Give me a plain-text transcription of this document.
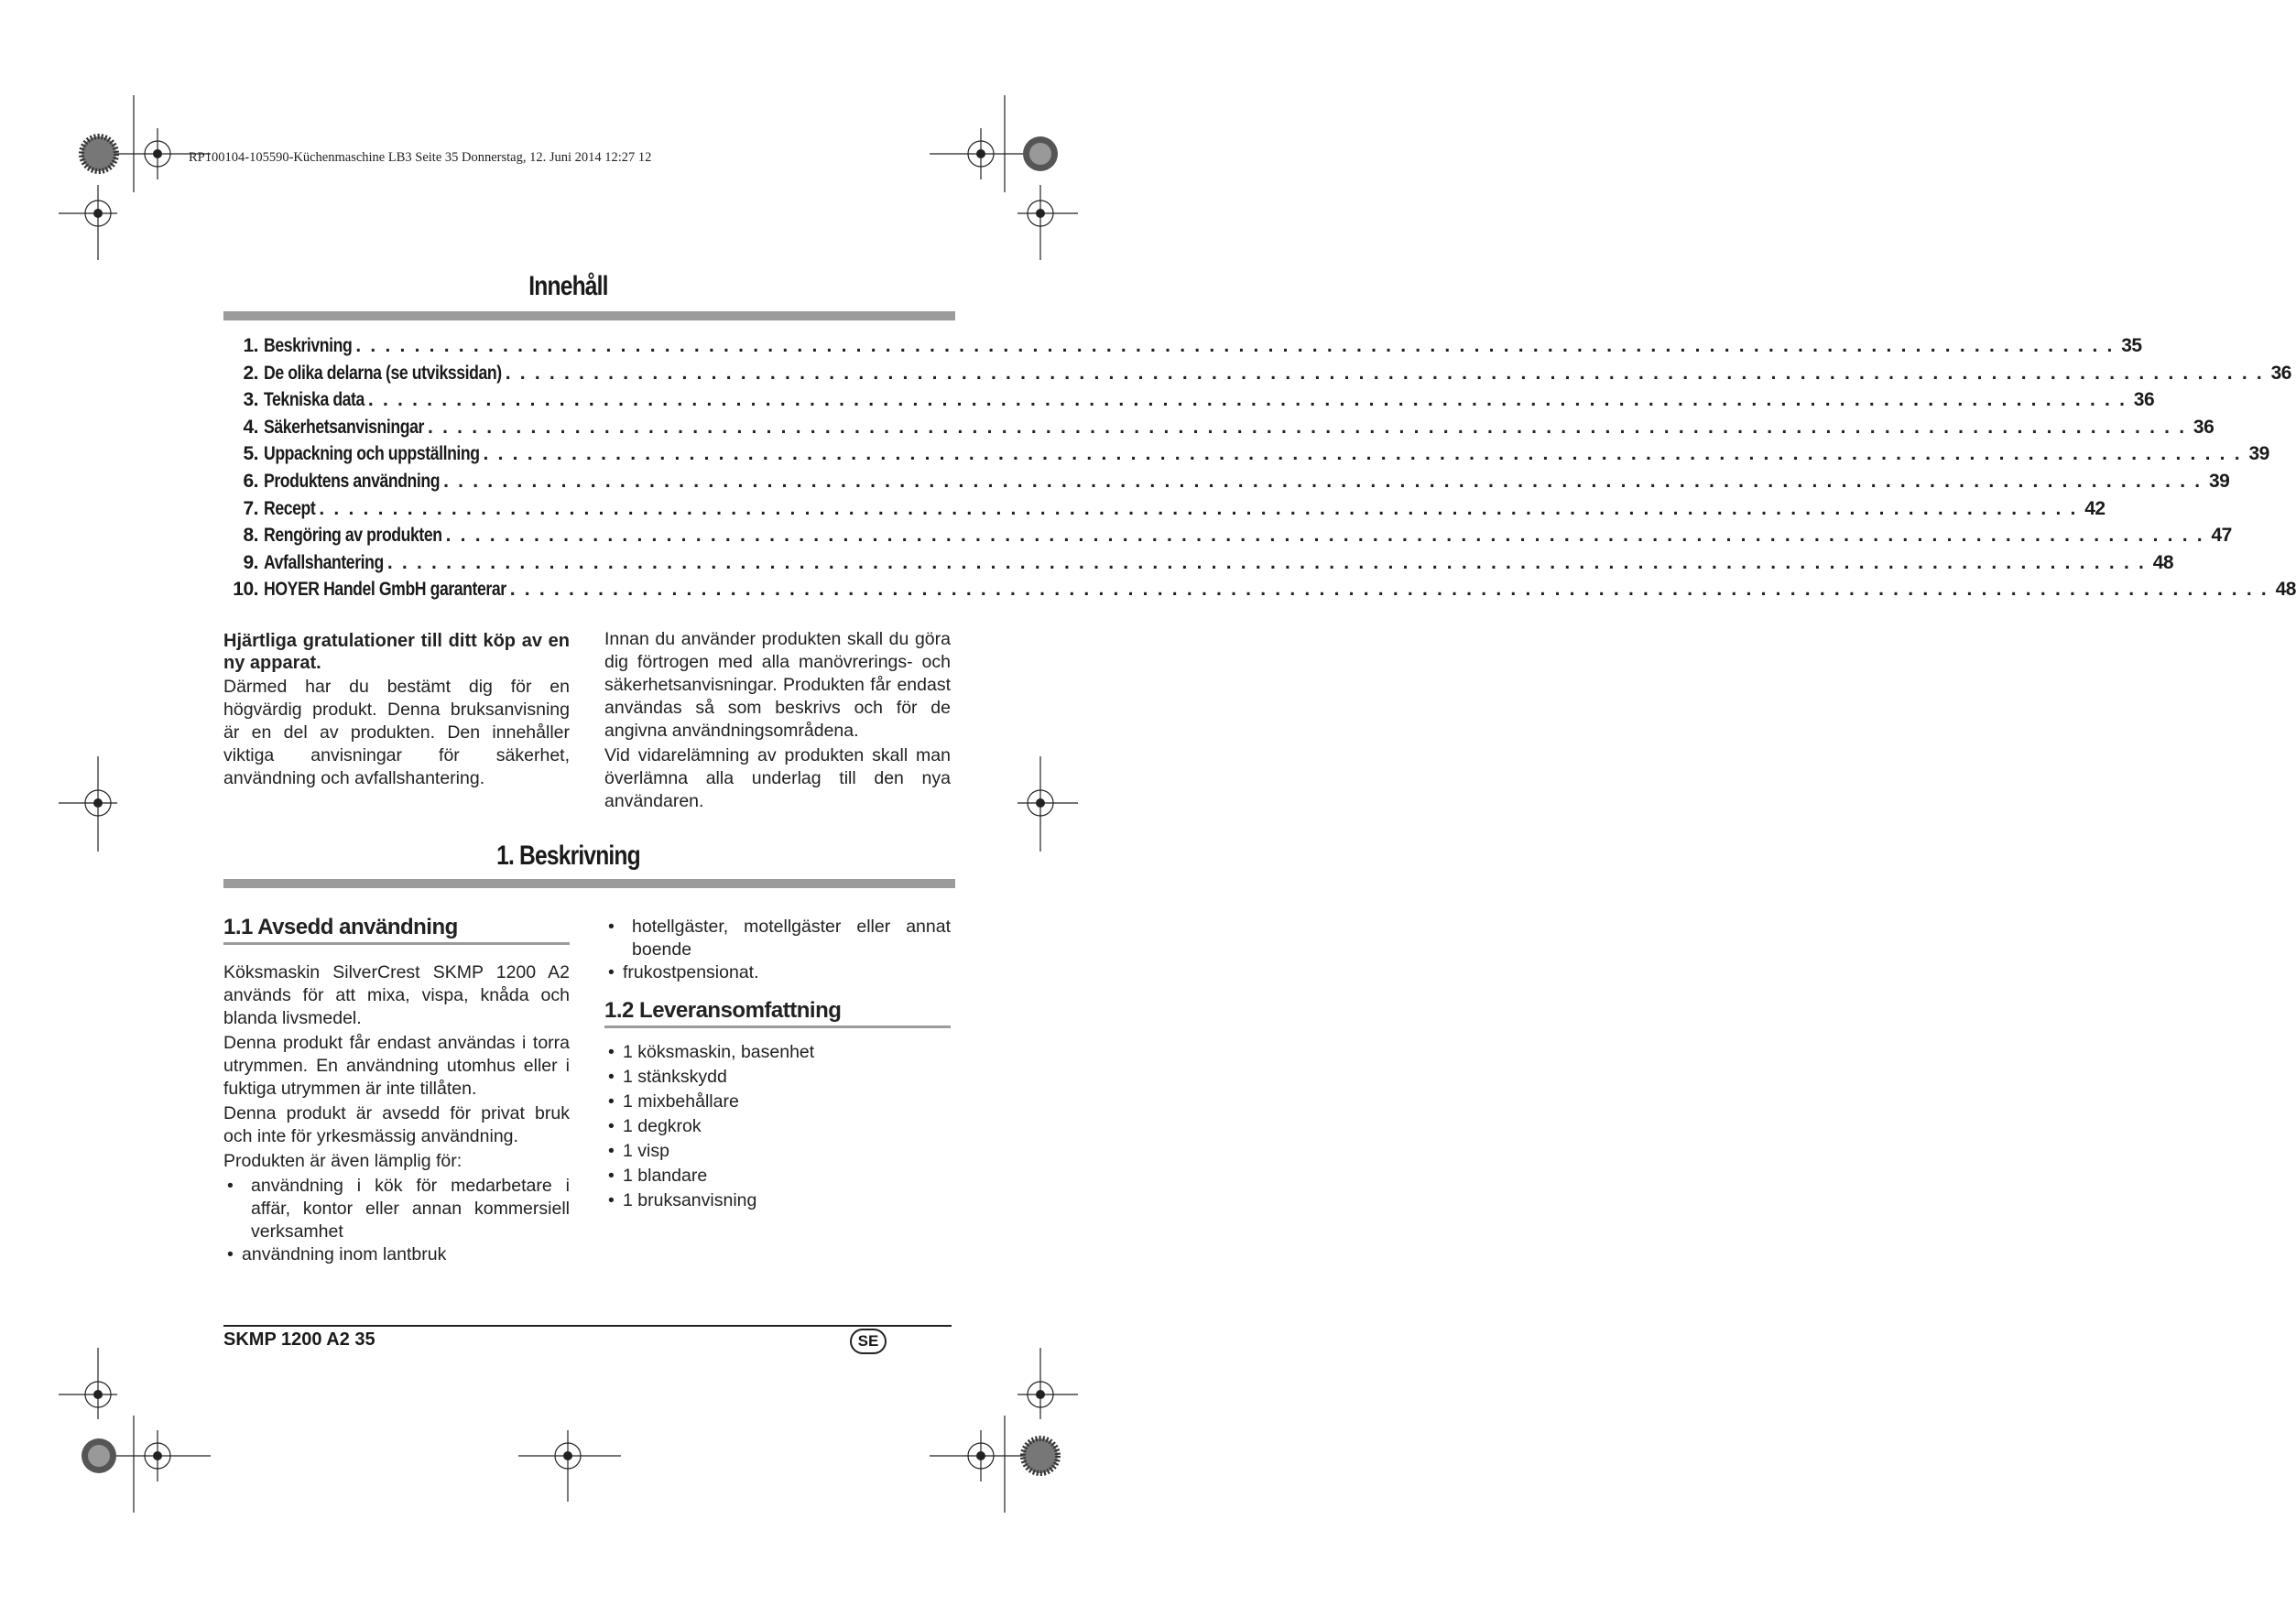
RP100104-105590-Küchenmaschine LB3 Seite 35 Donnerstag, 12. Juni 2014 12:27 12
Innehåll
1. Beskrivning . . . . . . . . . . . . . . . . . . . . . . . . . . . . . . . . . . . . . . . . . . . . . . . . . . . . . . . . . . . . . . . . . . . . . . . . . . . . . . . . . . . . . . . . . . . . . . . . . . . . . . . . . . . . . . . . . . . . . . . . 35
2. De olika delarna (se utvikssidan) . . . . . . . . . . . . . . . . . . . . . . . . . . . . . . . . . . . . . . . . . . . . . . . . . . . . . . . . . . . . . . . . . . . . . . . . . . . . . . . . . . . . . . . . . . . . . . . . . . . . . . . . . . . . . . . . . . . . . . . . 36
3. Tekniska data . . . . . . . . . . . . . . . . . . . . . . . . . . . . . . . . . . . . . . . . . . . . . . . . . . . . . . . . . . . . . . . . . . . . . . . . . . . . . . . . . . . . . . . . . . . . . . . . . . . . . . . . . . . . . . . . . . . . . . . . 36
4. Säkerhetsanvisningar . . . . . . . . . . . . . . . . . . . . . . . . . . . . . . . . . . . . . . . . . . . . . . . . . . . . . . . . . . . . . . . . . . . . . . . . . . . . . . . . . . . . . . . . . . . . . . . . . . . . . . . . . . . . . . . . . . . . . . . . 36
5. Uppackning och uppställning . . . . . . . . . . . . . . . . . . . . . . . . . . . . . . . . . . . . . . . . . . . . . . . . . . . . . . . . . . . . . . . . . . . . . . . . . . . . . . . . . . . . . . . . . . . . . . . . . . . . . . . . . . . . . . . . . . . . . . . . 39
6. Produktens användning . . . . . . . . . . . . . . . . . . . . . . . . . . . . . . . . . . . . . . . . . . . . . . . . . . . . . . . . . . . . . . . . . . . . . . . . . . . . . . . . . . . . . . . . . . . . . . . . . . . . . . . . . . . . . . . . . . . . . . . . 39
7. Recept . . . . . . . . . . . . . . . . . . . . . . . . . . . . . . . . . . . . . . . . . . . . . . . . . . . . . . . . . . . . . . . . . . . . . . . . . . . . . . . . . . . . . . . . . . . . . . . . . . . . . . . . . . . . . . . . . . . . . . . . 42
8. Rengöring av produkten . . . . . . . . . . . . . . . . . . . . . . . . . . . . . . . . . . . . . . . . . . . . . . . . . . . . . . . . . . . . . . . . . . . . . . . . . . . . . . . . . . . . . . . . . . . . . . . . . . . . . . . . . . . . . . . . . . . . . . . . 47
9. Avfallshantering . . . . . . . . . . . . . . . . . . . . . . . . . . . . . . . . . . . . . . . . . . . . . . . . . . . . . . . . . . . . . . . . . . . . . . . . . . . . . . . . . . . . . . . . . . . . . . . . . . . . . . . . . . . . . . . . . . . . . . . . 48
10. HOYER Handel GmbH garanterar . . . . . . . . . . . . . . . . . . . . . . . . . . . . . . . . . . . . . . . . . . . . . . . . . . . . . . . . . . . . . . . . . . . . . . . . . . . . . . . . . . . . . . . . . . . . . . . . . . . . . . . . . . . . . . . . . . . . . . . . 48
Hjärtliga gratulationer till ditt köp av en ny apparat.

Därmed har du bestämt dig för en högvärdig produkt. Denna bruksanvisning är en del av produkten. Den innehåller viktiga anvisningar för säkerhet, användning och avfallshantering.

Innan du använder produkten skall du göra dig förtrogen med alla manövrerings- och säkerhetsanvisningar. Produkten får endast användas så som beskrivs och för de angivna användningsområdena.

Vid vidarelämning av produkten skall man överlämna alla underlag till den nya användaren.

1. Beskrivning
1.1 Avsedd användning

Köksmaskin SilverCrest SKMP 1200 A2 används för att mixa, vispa, knåda och blanda livsmedel.

Denna produkt får endast användas i torra utrymmen. En användning utomhus eller i fuktiga utrymmen är inte tillåten.

Denna produkt är avsedd för privat bruk och inte för yrkesmässig användning.

Produkten är även lämplig för:

• användning i kök för medarbetare i affär, kontor eller annan kommersiell verksamhet
• användning inom lantbruk
• hotellgäster, motellgäster eller annat boende
• frukostpensionat.
1.2 Leveransomfattning
• 1 köksmaskin, basenhet
• 1 stänkskydd
• 1 mixbehållare
• 1 degkrok
• 1 visp
• 1 blandare
• 1 bruksanvisning
SKMP 1200 A2 35	SE
